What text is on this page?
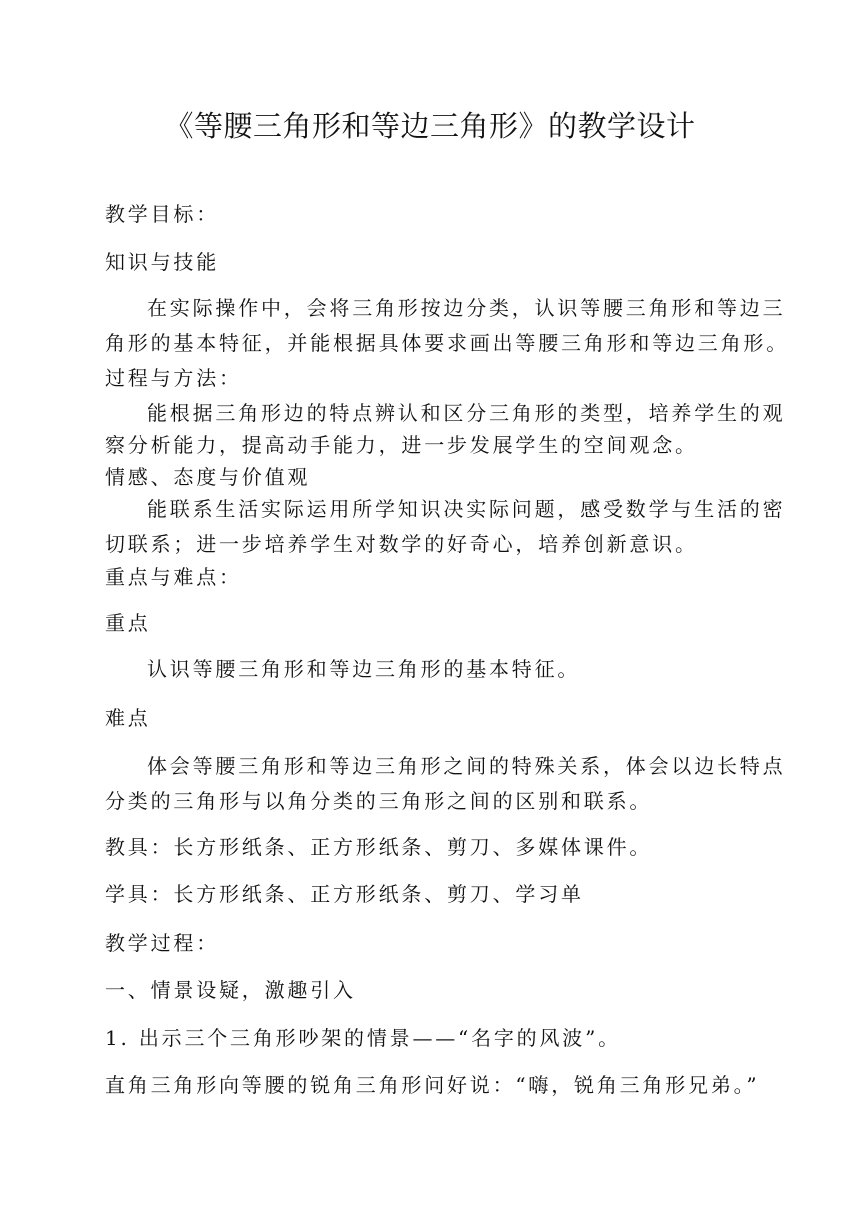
《等腰三角形和等边三角形》的教学设计
教学目标：
知识与技能
在实际操作中，会将三角形按边分类，认识等腰三角形和等边三
角形的基本特征，并能根据具体要求画出等腰三角形和等边三角形。
过程与方法：
能根据三角形边的特点辨认和区分三角形的类型，培养学生的观
察分析能力，提高动手能力，进一步发展学生的空间观念。
情感、态度与价值观
能联系生活实际运用所学知识决实际问题，感受数学与生活的密
切联系；进一步培养学生对数学的好奇心，培养创新意识。
重点与难点：
重点
认识等腰三角形和等边三角形的基本特征。
难点
体会等腰三角形和等边三角形之间的特殊关系，体会以边长特点
分类的三角形与以角分类的三角形之间的区别和联系。
教具：长方形纸条、正方形纸条、剪刀、多媒体课件。
学具：长方形纸条、正方形纸条、剪刀、学习单
教学过程：
一、情景设疑，激趣引入
1. 出示三个三角形吵架的情景——“名字的风波”。
直角三角形向等腰的锐角三角形问好说：“嗨，锐角三角形兄弟。”
